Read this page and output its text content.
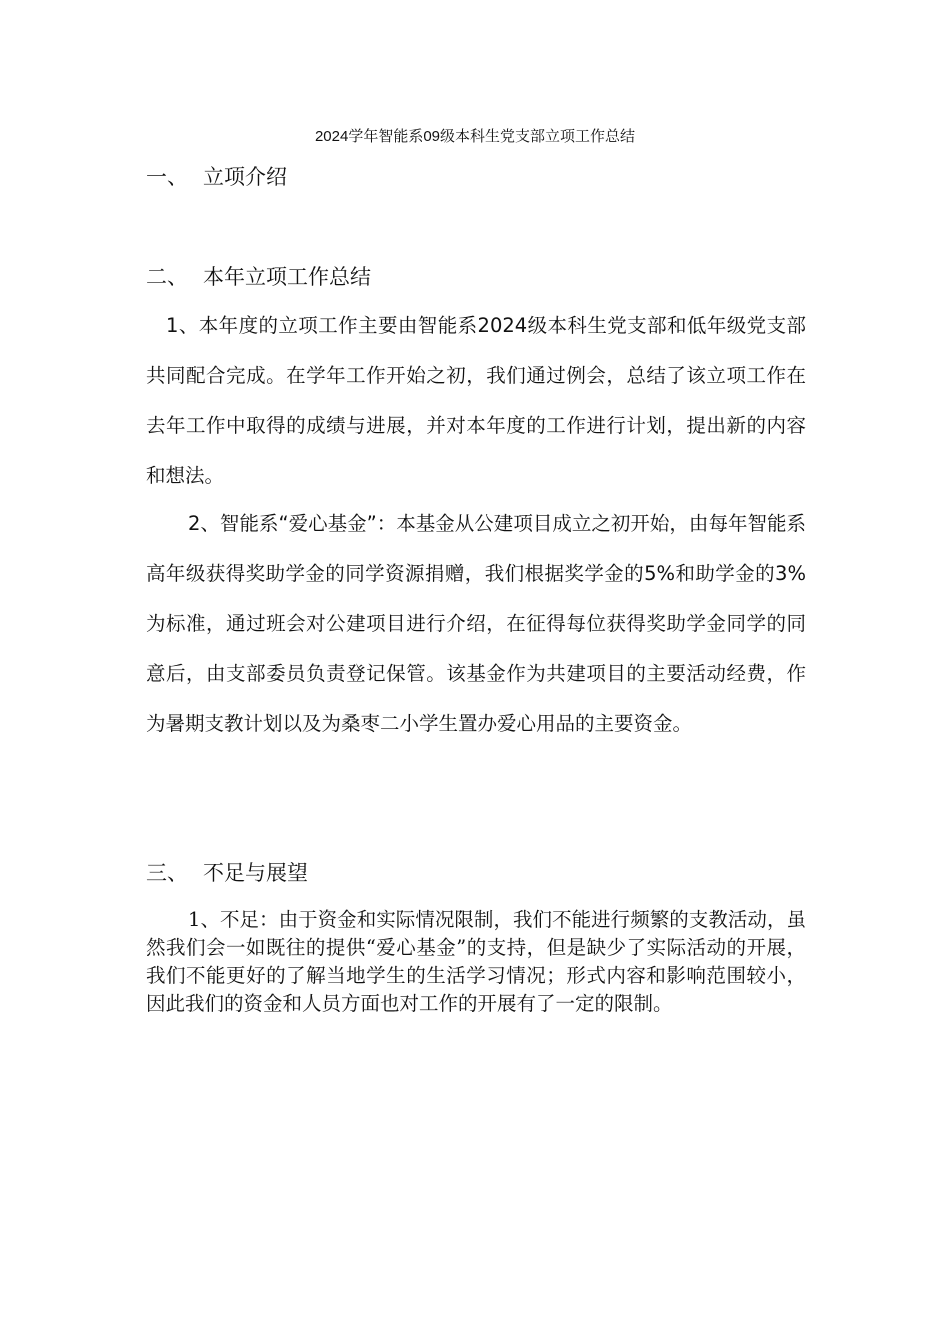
2024学年智能系09级本科生党支部立项工作总结
一、 立项介绍
二、 本年立项工作总结
1、本年度的立项工作主要由智能系2024级本科生党支部和低年级党支部共同配合完成。在学年工作开始之初，我们通过例会，总结了该立项工作在去年工作中取得的成绩与进展，并对本年度的工作进行计划，提出新的内容和想法。
2、智能系“爱心基金”：本基金从公建项目成立之初开始，由每年智能系高年级获得奖助学金的同学资源捐赠，我们根据奖学金的5%和助学金的3%为标准，通过班会对公建项目进行介绍，在征得每位获得奖助学金同学的同意后，由支部委员负责登记保管。该基金作为共建项目的主要活动经费，作为暑期支教计划以及为桑枣二小学生置办爱心用品的主要资金。
三、 不足与展望
1、不足：由于资金和实际情况限制，我们不能进行频繁的支教活动，虽然我们会一如既往的提供“爱心基金”的支持，但是缺少了实际活动的开展，我们不能更好的了解当地学生的生活学习情况；形式内容和影响范围较小，因此我们的资金和人员方面也对工作的开展有了一定的限制。
